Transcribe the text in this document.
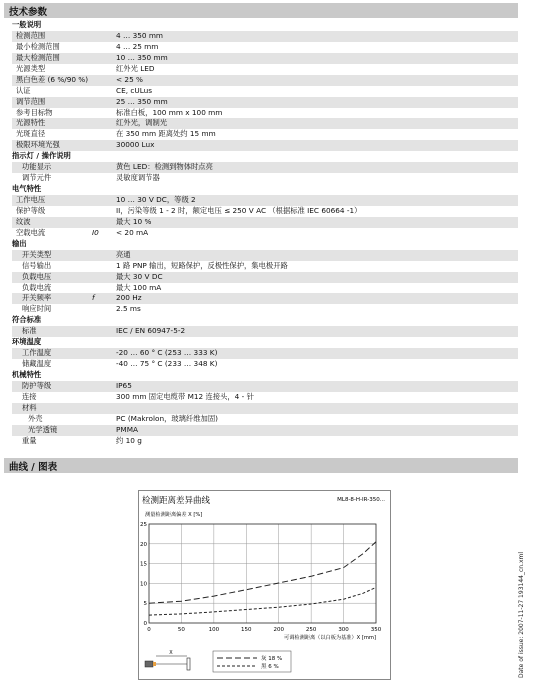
技术参数
一般说明
检测范围	4 … 350 mm
最小检测范围	4 … 25 mm
最大检测范围	10 … 350 mm
光源类型	红外光 LED
黑白色差 (6 %/90 %)	< 25 %
认证	CE, cULus
调节范围	25 … 350 mm
参考目标物	标准白板，100 mm x 100 mm
光源特性	红外光，调制光
光斑直径	在 350 mm 距离处约 15 mm
极限环境光强	30000 Lux
指示灯 / 操作说明
功能显示	黄色 LED：检测到物体时点亮
调节元件	灵敏度调节器
电气特性
工作电压	10 … 30 V DC，等级 2
保护等级	II，污染等级 1 - 2 时，额定电压 ≤ 250 V AC （根据标准 IEC 60664 -1）
纹波	最大 10 %
空载电流	I0 < 20 mA
输出
开关类型	亮通
信号输出	1 路 PNP 输出，短路保护，反极性保护，集电极开路
负载电压	最大 30 V DC
负载电流	最大 100 mA
开关频率	f	200 Hz
响应时间	2.5 ms
符合标准
标准	IEC / EN 60947-5-2
环境温度
工作温度	-20 … 60 ° C (253 … 333 K)
储藏温度	-40 … 75 ° C (233 … 348 K)
机械特性
防护等级	IP65
连接	300 mm 固定电缆带 M12 连接头，4 - 针
材料
外壳	PC (Makrolon，玻璃纤维加固)
光学透镜	PMMA
重量	约 10 g
曲线 / 图表
检测距离差异曲线	ML8-8-H-IR-350...
测量检测距离偏差 X [%]
0	50	100	150	200	250	300	350
0
5
10
15
20
25
可调检测距离（以白板为基准）X [mm]
X
灰 18 %
黑 6 %	Date of issue: 2007-11-27 193144_cn.xml
